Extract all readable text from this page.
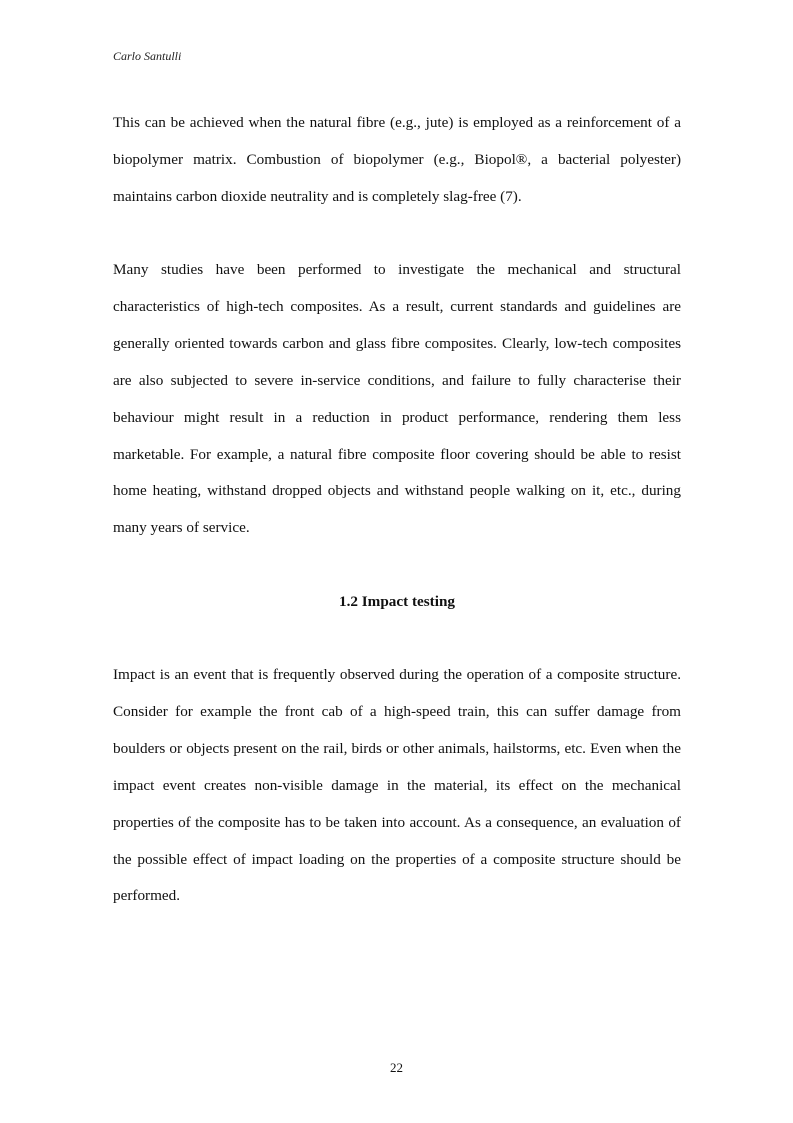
Carlo Santulli

This can be achieved when the natural fibre (e.g., jute) is employed as a reinforcement of a biopolymer matrix. Combustion of biopolymer (e.g., Biopol®, a bacterial polyester) maintains carbon dioxide neutrality and is completely slag-free (7).

Many studies have been performed to investigate the mechanical and structural characteristics of high-tech composites. As a result, current standards and guidelines are generally oriented towards carbon and glass fibre composites. Clearly, low-tech composites are also subjected to severe in-service conditions, and failure to fully characterise their behaviour might result in a reduction in product performance, rendering them less marketable. For example, a natural fibre composite floor covering should be able to resist home heating, withstand dropped objects and withstand people walking on it, etc., during many years of service.

1.2 Impact testing

Impact is an event that is frequently observed during the operation of a composite structure. Consider for example the front cab of a high-speed train, this can suffer damage from boulders or objects present on the rail, birds or other animals, hailstorms, etc. Even when the impact event creates non-visible damage in the material, its effect on the mechanical properties of the composite has to be taken into account. As a consequence, an evaluation of the possible effect of impact loading on the properties of a composite structure should be performed.

22
